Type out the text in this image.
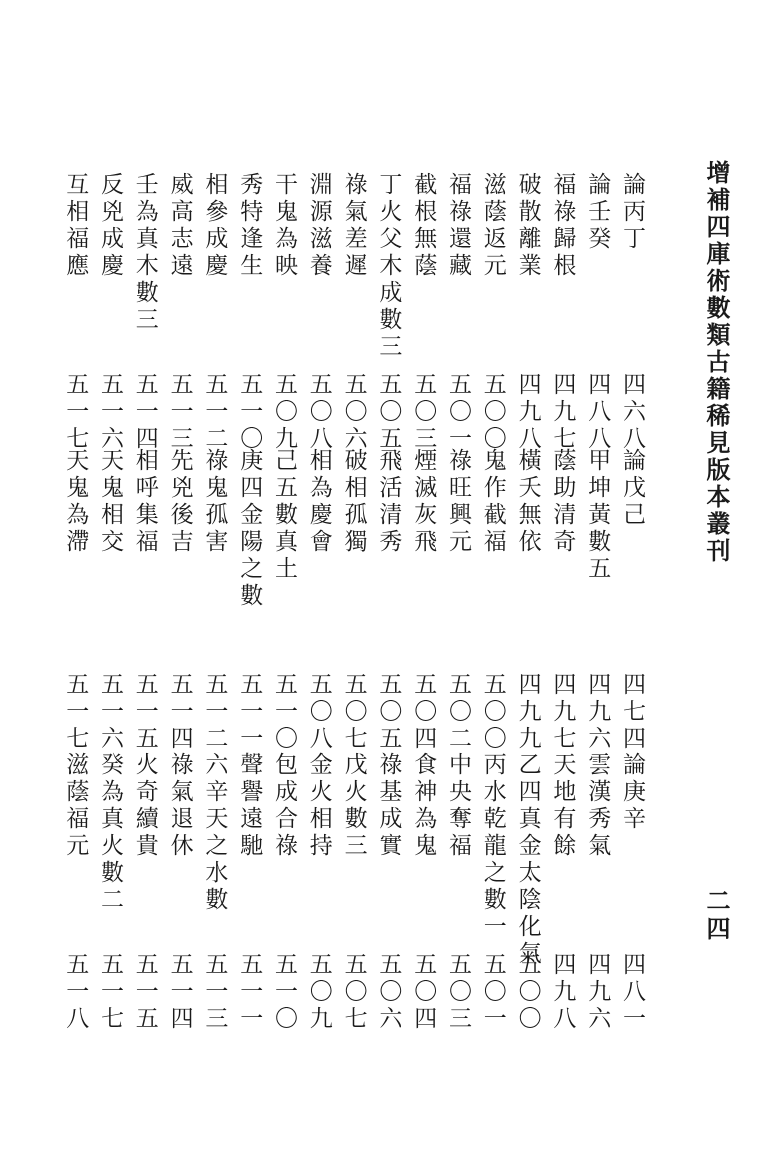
增補四庫術數類古籍稀見版本叢刊
二四
論丙丁
四六八
論戊己
四七四
論庚辛
四八一
論壬癸
四八八
甲坤黃數五
四九六
雲漢秀氣
四九六
福祿歸根
四九七
蔭助清奇
四九七
天地有餘
四九八
破散離業
四九八
橫夭無依
四九九
乙四真金太陰化氣
五〇〇
滋蔭返元
五〇〇
鬼作截福
五〇〇
丙水乾龍之數一
五〇一
福祿還藏
五〇一
祿旺興元
五〇二
中央奪福
五〇三
截根無蔭
五〇三
煙滅灰飛
五〇四
食神為鬼
五〇四
丁火父木成數三
五〇五
飛活清秀
五〇五
祿基成實
五〇六
祿氣差遲
五〇六
破相孤獨
五〇七
戊火數三
五〇七
淵源滋養
五〇八
相為慶會
五〇八
金火相持
五〇九
干鬼為映
五〇九
己五數真土
五一〇
包成合祿
五一〇
秀特逢生
五一〇
庚四金陽之數
五一一
聲譽遠馳
五一一
相參成慶
五一二
祿鬼孤害
五一二
六辛天之水數
五一三
威高志遠
五一三
先兇後吉
五一四
祿氣退休
五一四
壬為真木數三
五一四
相呼集福
五一五
火奇續貴
五一五
反兇成慶
五一六
天鬼相交
五一六
癸為真火數二
五一七
互相福應
五一七
天鬼為滯
五一七
滋蔭福元
五一八
